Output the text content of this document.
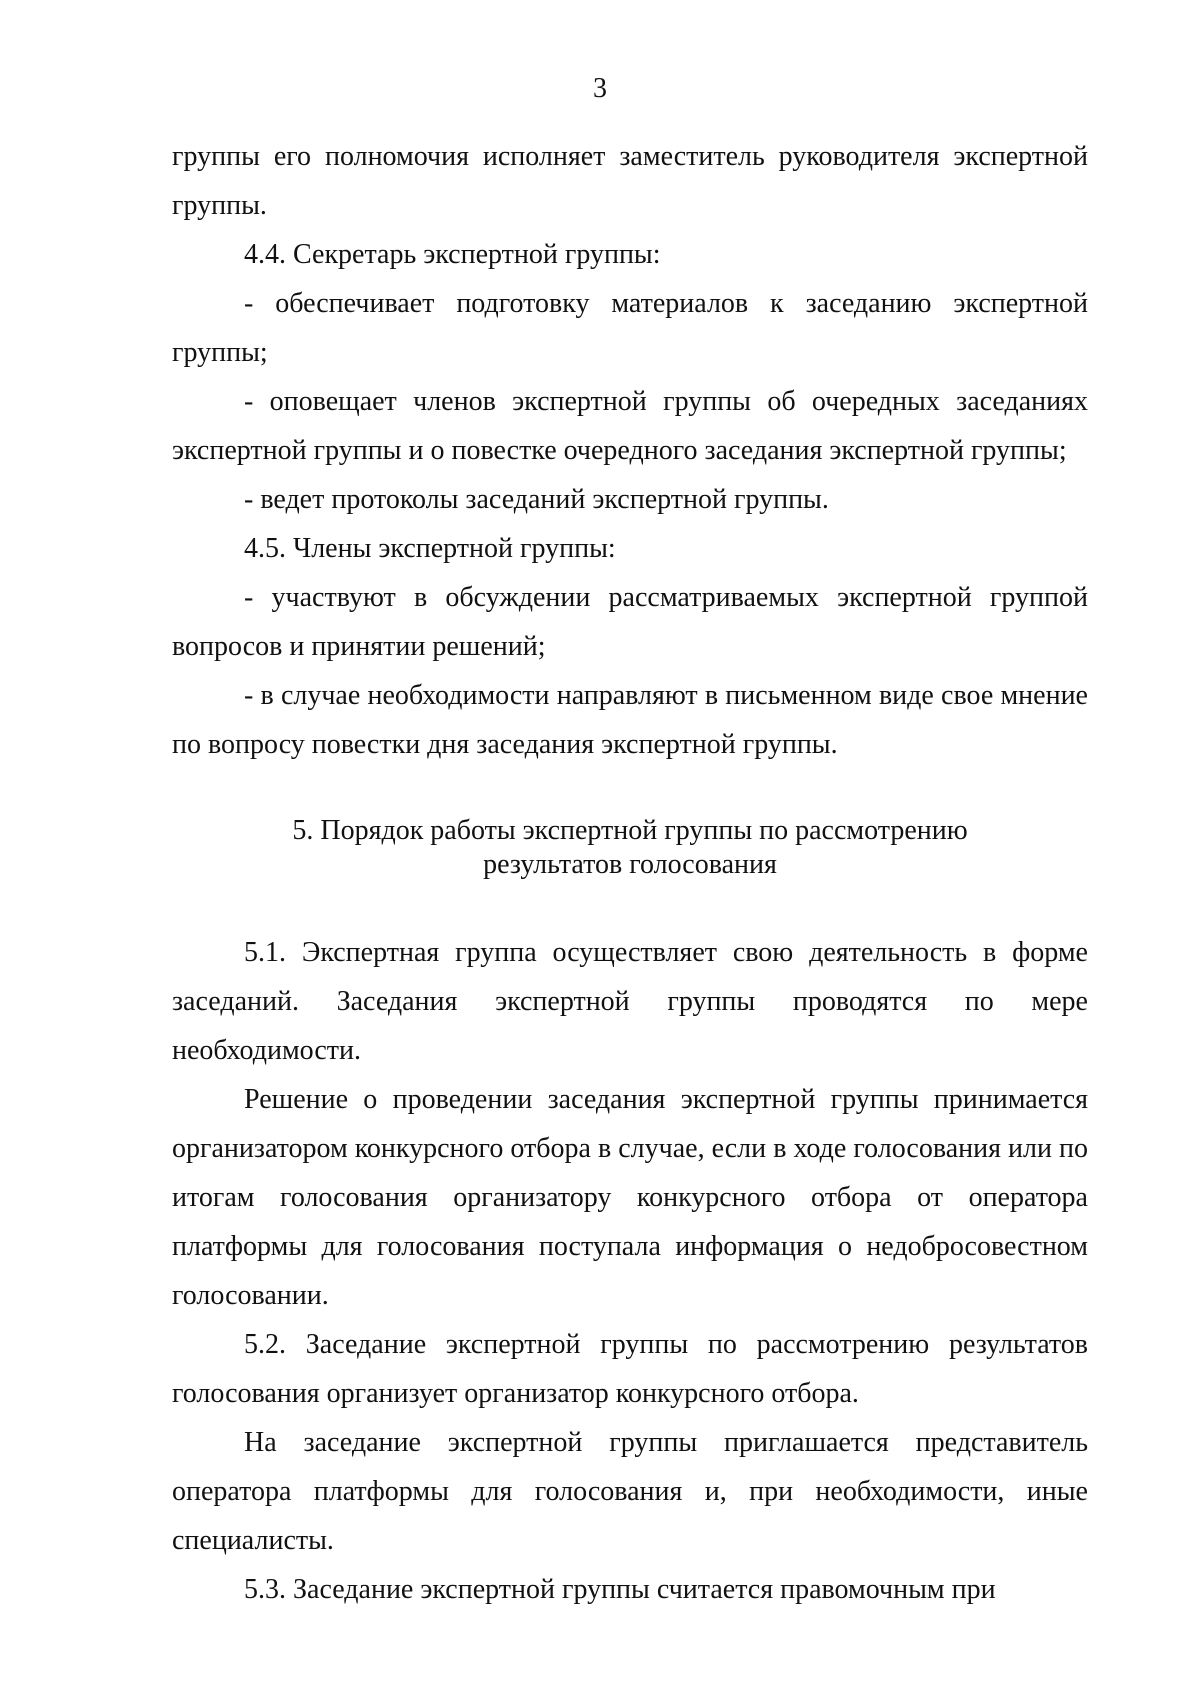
3

группы его полномочия исполняет заместитель руководителя экспертной группы.

4.4. Секретарь экспертной группы:

- обеспечивает подготовку материалов к заседанию экспертной группы;

- оповещает членов экспертной группы об очередных заседаниях экспертной группы и о повестке очередного заседания экспертной группы;

- ведет протоколы заседаний экспертной группы.

4.5. Члены экспертной группы:

- участвуют в обсуждении рассматриваемых экспертной группой вопросов и принятии решений;

- в случае необходимости направляют в письменном виде свое мнение по вопросу повестки дня заседания экспертной группы.

5. Порядок работы экспертной группы по рассмотрению
результатов голосования

5.1. Экспертная группа осуществляет свою деятельность в форме заседаний. Заседания экспертной группы проводятся по мере необходимости.

Решение о проведении заседания экспертной группы принимается организатором конкурсного отбора в случае, если в ходе голосования или по итогам голосования организатору конкурсного отбора от оператора платформы для голосования поступала информация о недобросовестном голосовании.

5.2. Заседание экспертной группы по рассмотрению результатов голосования организует организатор конкурсного отбора.

На заседание экспертной группы приглашается представитель оператора платформы для голосования и, при необходимости, иные специалисты.

5.3. Заседание экспертной группы считается правомочным при
